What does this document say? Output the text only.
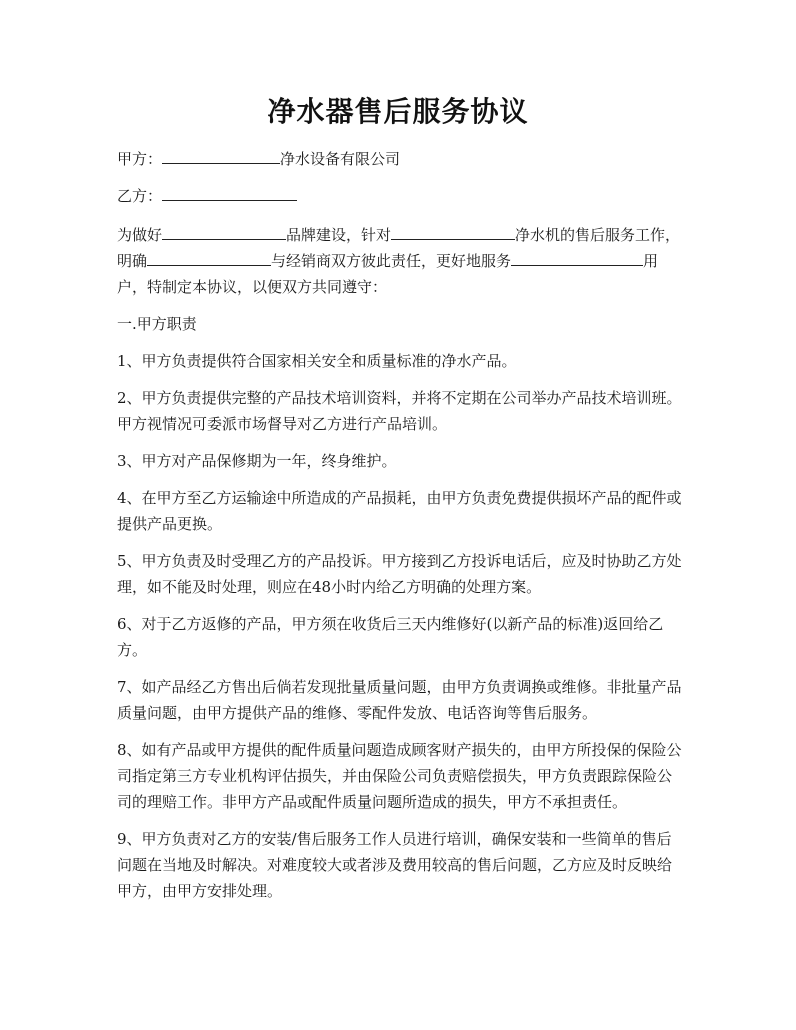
净水器售后服务协议

甲方：	净水设备有限公司

乙方：

为做好	品牌建设，针对	净水机的售后服务工作，明确	与经销商双方彼此责任，更好地服务	用户，特制定本协议，以便双方共同遵守：

一.甲方职责

1、甲方负责提供符合国家相关安全和质量标准的净水产品。

2、甲方负责提供完整的产品技术培训资料，并将不定期在公司举办产品技术培训班。甲方视情况可委派市场督导对乙方进行产品培训。

3、甲方对产品保修期为一年，终身维护。

4、在甲方至乙方运输途中所造成的产品损耗，由甲方负责免费提供损坏产品的配件或提供产品更换。

5、甲方负责及时受理乙方的产品投诉。甲方接到乙方投诉电话后，应及时协助乙方处理，如不能及时处理，则应在48小时内给乙方明确的处理方案。

6、对于乙方返修的产品，甲方须在收货后三天内维修好(以新产品的标准)返回给乙方。

7、如产品经乙方售出后倘若发现批量质量问题，由甲方负责调换或维修。非批量产品质量问题，由甲方提供产品的维修、零配件发放、电话咨询等售后服务。

8、如有产品或甲方提供的配件质量问题造成顾客财产损失的，由甲方所投保的保险公司指定第三方专业机构评估损失，并由保险公司负责赔偿损失，甲方负责跟踪保险公司的理赔工作。非甲方产品或配件质量问题所造成的损失，甲方不承担责任。

9、甲方负责对乙方的安装/售后服务工作人员进行培训，确保安装和一些简单的售后问题在当地及时解决。对难度较大或者涉及费用较高的售后问题，乙方应及时反映给甲方，由甲方安排处理。
